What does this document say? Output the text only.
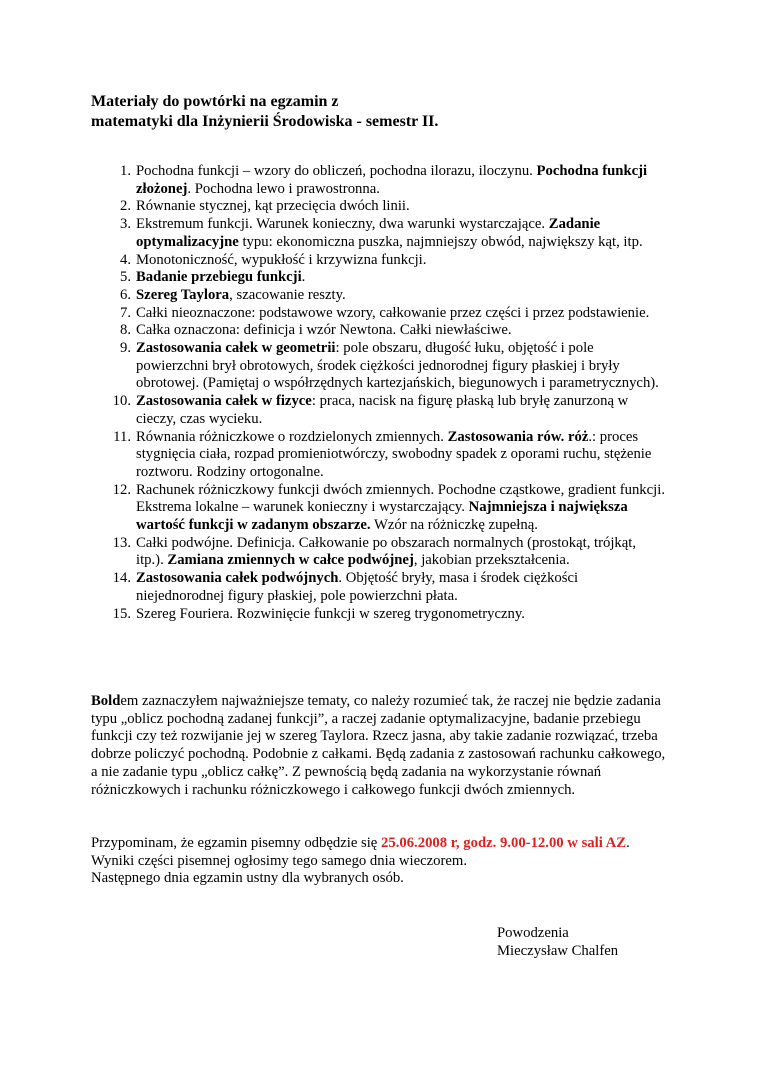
Materiały do powtórki na egzamin z
matematyki dla Inżynierii Środowiska - semestr II.
1. Pochodna funkcji – wzory do obliczeń, pochodna ilorazu, iloczynu. Pochodna funkcji złożonej. Pochodna lewo i prawostronna.
2. Równanie stycznej, kąt przecięcia dwóch linii.
3. Ekstremum funkcji. Warunek konieczny, dwa warunki wystarczające. Zadanie optymalizacyjne typu: ekonomiczna puszka, najmniejszy obwód, największy kąt, itp.
4. Monotoniczność, wypukłość i krzywizna funkcji.
5. Badanie przebiegu funkcji.
6. Szereg Taylora, szacowanie reszty.
7. Całki nieoznaczone: podstawowe wzory, całkowanie przez części i przez podstawienie.
8. Całka oznaczona: definicja i wzór Newtona. Całki niewłaściwe.
9. Zastosowania całek w geometrii: pole obszaru, długość łuku, objętość i pole powierzchni brył obrotowych, środek ciężkości jednorodnej figury płaskiej i bryły obrotowej. (Pamiętaj o współrzędnych kartezjańskich, biegunowych i parametrycznych).
10. Zastosowania całek w fizyce: praca, nacisk na figurę płaską lub bryłę zanurzoną w cieczy, czas wycieku.
11. Równania różniczkowe o rozdzielonych zmiennych. Zastosowania rów. róż.: proces stygnięcia ciała, rozpad promieniotwórczy, swobodny spadek z oporami ruchu, stężenie roztworu. Rodziny ortogonalne.
12. Rachunek różniczkowy funkcji dwóch zmiennych. Pochodne cząstkowe, gradient funkcji. Ekstrema lokalne – warunek konieczny i wystarczający. Najmniejsza i największa wartość funkcji w zadanym obszarze. Wzór na różniczkę zupełną.
13. Całki podwójne. Definicja. Całkowanie po obszarach normalnych (prostokąt, trójkąt, itp.). Zamiana zmiennych w całce podwójnej, jakobian przekształcenia.
14. Zastosowania całek podwójnych. Objętość bryły, masa i środek ciężkości niejednorodnej figury płaskiej, pole powierzchni płata.
15. Szereg Fouriera. Rozwinięcie funkcji w szereg trygonometryczny.
Boldem zaznaczyłem najważniejsze tematy, co należy rozumieć tak, że raczej nie będzie zadania typu „oblicz pochodną zadanej funkcji”, a raczej zadanie optymalizacyjne, badanie przebiegu funkcji czy też rozwijanie jej w szereg Taylora. Rzecz jasna, aby takie zadanie rozwiązać, trzeba dobrze policzyć pochodną. Podobnie z całkami. Będą zadania z zastosowań rachunku całkowego, a nie zadanie typu „oblicz całkę”. Z pewnością będą zadania na wykorzystanie równań różniczkowych i rachunku różniczkowego i całkowego funkcji dwóch zmiennych.
Przypominam, że egzamin pisemny odbędzie się 25.06.2008 r, godz. 9.00-12.00 w sali AZ.
Wyniki części pisemnej ogłosimy tego samego dnia wieczorem.
Następnego dnia egzamin ustny dla wybranych osób.
Powodzenia
Mieczysław Chalfen
